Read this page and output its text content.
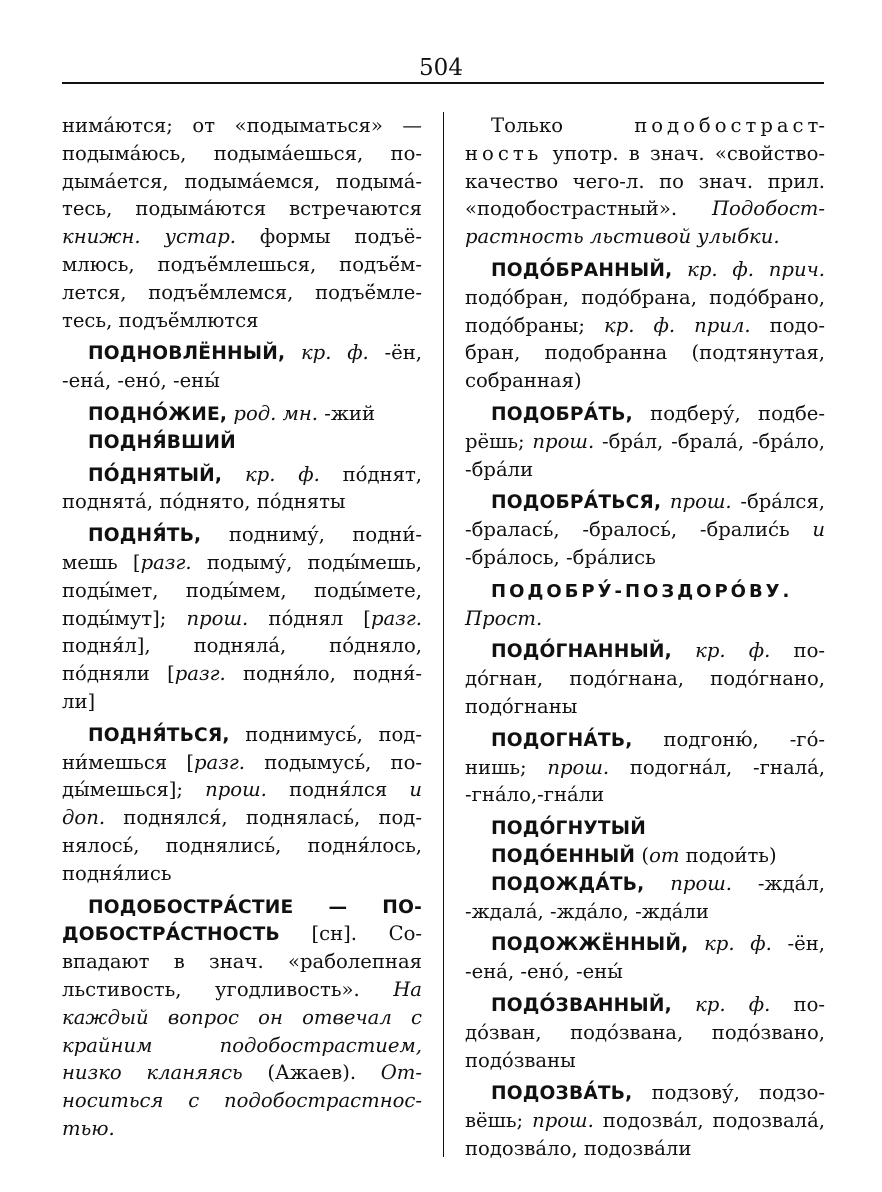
504
нима́ются; от «подыматься» —
подыма́юсь, подыма́ешься, по-
дыма́ется, подыма́емся, подыма́-
тесь, подыма́ются встречаются
книжн. устар. формы подъё-
млюсь, подъё́млешься, подъё́м-
лется, подъё́млемся, подъё́мле-
тесь, подъё́млются
ПОДНОВЛЁННЫЙ, кр. ф. -ён,
-ена́, -ено́, -ены́
ПОДНО́ЖИЕ, род. мн. -жий
ПОДНЯ́ВШИЙ
ПО́ДНЯТЫЙ, кр. ф. по́днят,
поднята́, по́днято, по́дняты
ПОДНЯ́ТЬ, подниму́, подни́-
мешь [разг. подыму́, поды́мешь,
поды́мет, поды́мем, поды́мете,
поды́мут]; прош. по́днял [разг.
подня́л], подняла́, по́дняло,
по́дняли [разг. подня́ло, подня́-
ли]
ПОДНЯ́ТЬСЯ, поднимусь́, под-
ни́мешься [разг. подымусь́, по-
ды́мешься]; прош. подня́лся и
доп. поднялся́, поднялась́, под-
нялось́, поднялись́, подня́лось,
подня́лись
ПОДОБОСТРА́СТИЕ — ПО-
ДОБОСТРА́СТНОСТЬ [сн]. Со-
впадают в знач. «раболепная
льстивость, угодливость». На
каждый вопрос он отвечал с
крайним подобострастием,
низко кланяясь (Ажаев). От-
носиться с подобострастнос-
тью.
Только подобостраст-
ность употр. в знач. «свойство-
качество чего-л. по знач. прил.
«подобострастный». Подобост-
растность льстивой улыбки.
ПОДО́БРАННЫЙ, кр. ф. прич.
подо́бран, подо́брана, подо́брано,
подо́браны; кр. ф. прил. подо-
бран, подобранна (подтянутая,
собранная)
ПОДОБРА́ТЬ, подберу́, подбе-
рёшь; прош. -бра́л, -брала́, -бра́ло,
-бра́ли
ПОДОБРА́ТЬСЯ, прош. -бра́лся,
-бралась́, -бралось́, -бралис́ь и
-бра́лось, -бра́лись
ПОДОБРУ́-ПОЗДОРО́ВУ.
Прост.
ПОДО́ГНАННЫЙ, кр. ф. по-
до́гнан, подо́гнана, подо́гнано,
подо́гнаны
ПОДОГНА́ТЬ, подгоню́, -го́-
нишь; прош. подогна́л, -гнала́,
-гна́ло,-гна́ли
ПОДО́ГНУТЫЙ
ПОДО́ЕННЫЙ (от подои́ть)
ПОДОЖДА́ТЬ, прош. -жда́л,
-ждала́, -жда́ло, -жда́ли
ПОДОЖЖЁННЫЙ, кр. ф. -ён,
-ена́, -ено́, -ены́
ПОДО́ЗВАННЫЙ, кр. ф. по-
до́зван, подо́звана, подо́звано,
подо́званы
ПОДОЗВА́ТЬ, подзову́, подзо-
вёшь; прош. подозва́л, подозвала́,
подозва́ло, подозва́ли
